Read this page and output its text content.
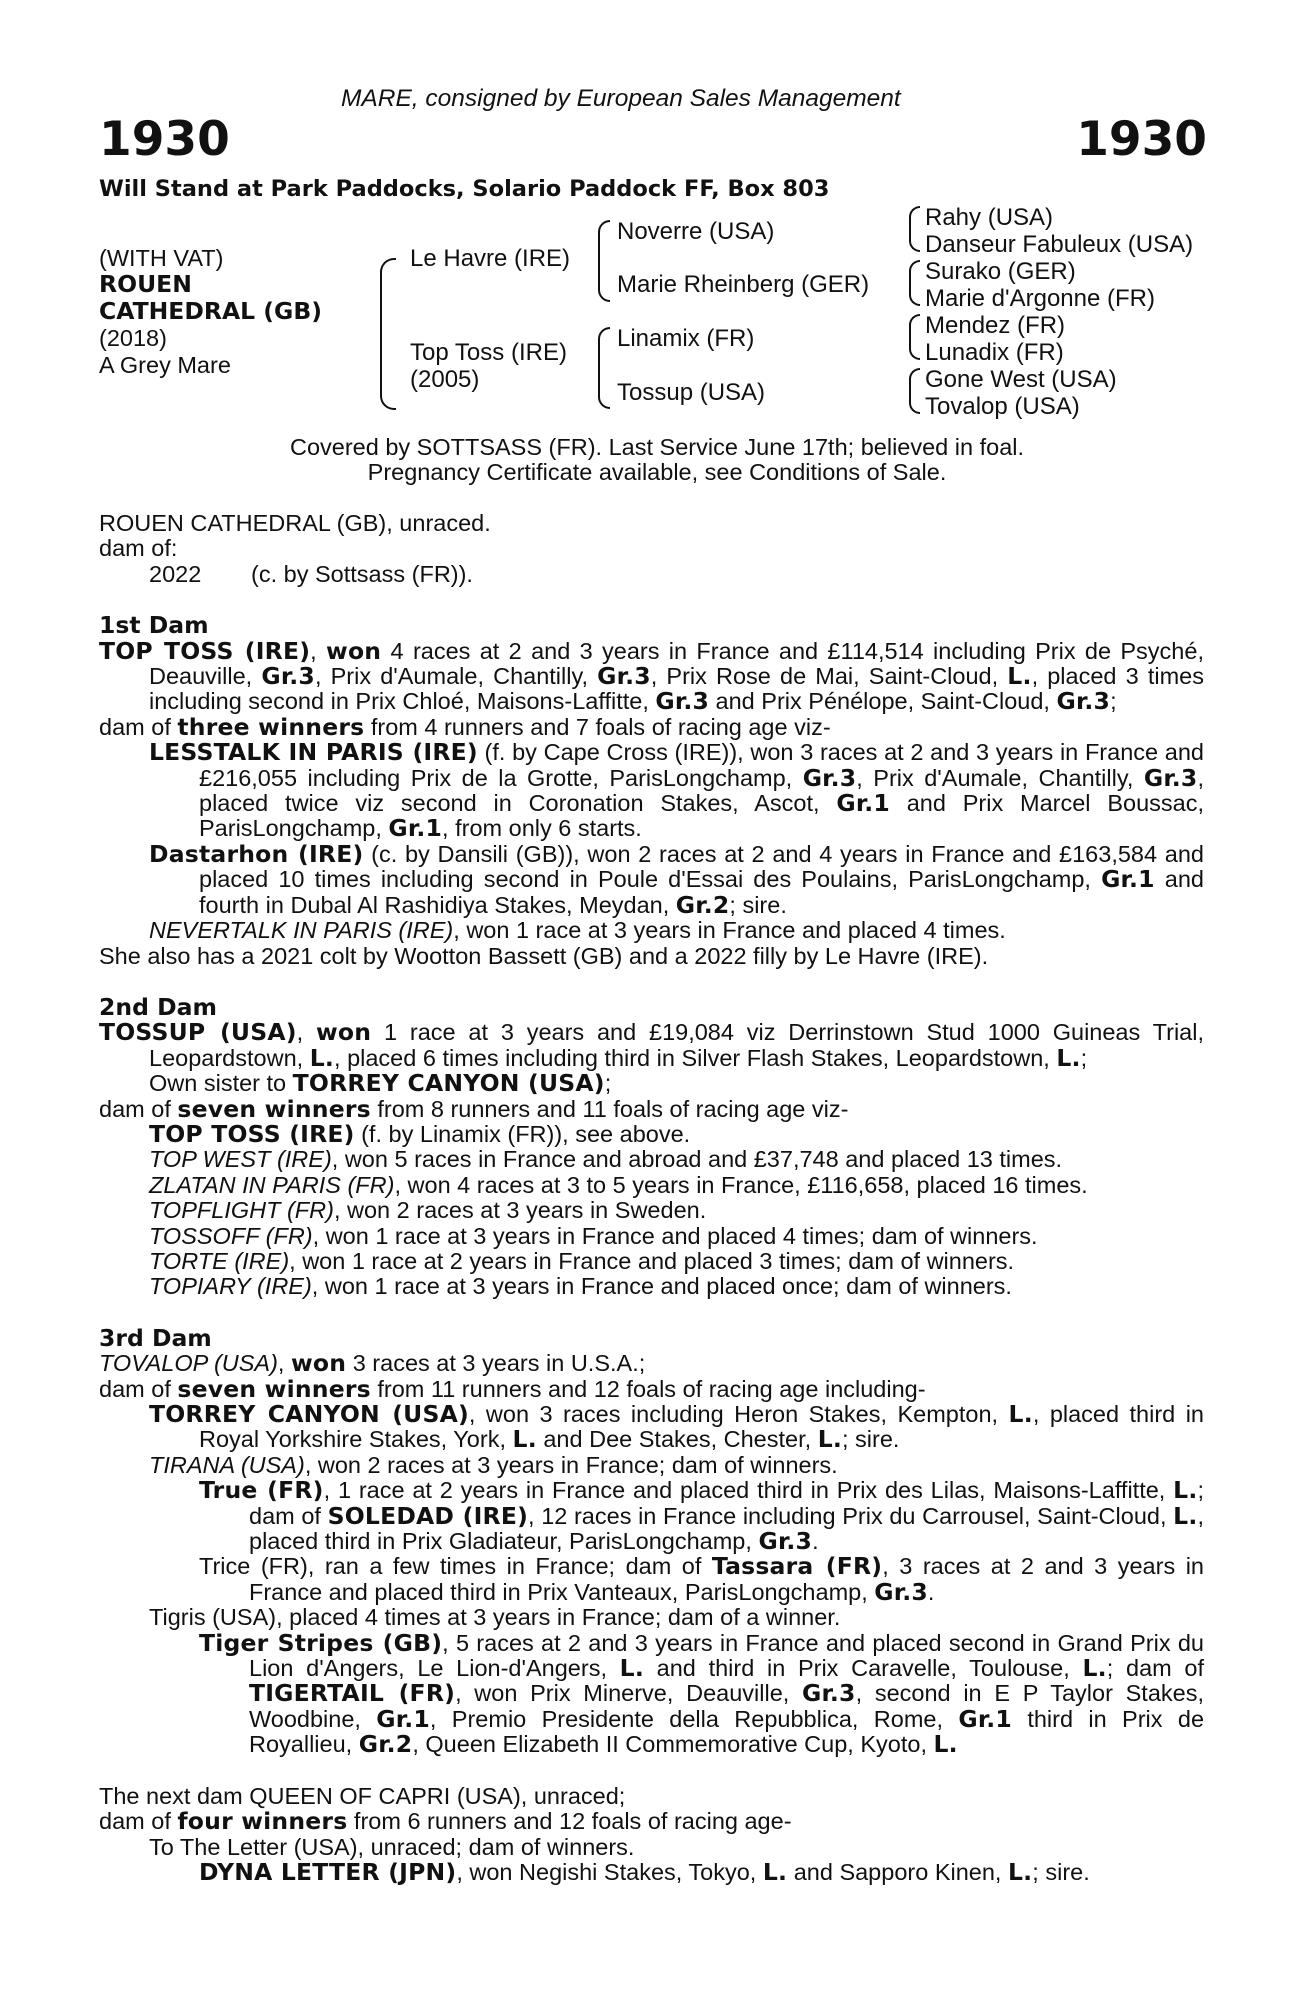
MARE, consigned by European Sales Management
1930	1930
Will Stand at Park Paddocks, Solario Paddock FF, Box 803
(WITH VAT)
ROUEN
CATHEDRAL (GB)
(2018)
A Grey Mare
Le Havre (IRE)
Top Toss (IRE)
(2005)
Noverre (USA)
Marie Rheinberg (GER)
Linamix (FR)
Tossup (USA)
Rahy (USA)
Danseur Fabuleux (USA)
Surako (GER)
Marie d'Argonne (FR)
Mendez (FR)
Lunadix (FR)
Gone West (USA)
Tovalop (USA)
Covered by SOTTSASS (FR). Last Service June 17th; believed in foal.
Pregnancy Certificate available, see Conditions of Sale.

ROUEN CATHEDRAL (GB), unraced.

dam of:

2022 (c. by Sottsass (FR)).

1st Dam

TOP TOSS (IRE), won 4 races at 2 and 3 years in France and £114,514 including Prix de Psyché, Deauville, Gr.3, Prix d'Aumale, Chantilly, Gr.3, Prix Rose de Mai, Saint-Cloud, L., placed 3 times including second in Prix Chloé, Maisons-Laffitte, Gr.3 and Prix Pénélope, Saint-Cloud, Gr.3;

dam of three winners from 4 runners and 7 foals of racing age viz-

LESSTALK IN PARIS (IRE) (f. by Cape Cross (IRE)), won 3 races at 2 and 3 years in France and £216,055 including Prix de la Grotte, ParisLongchamp, Gr.3, Prix d'Aumale, Chantilly, Gr.3, placed twice viz second in Coronation Stakes, Ascot, Gr.1 and Prix Marcel Boussac, ParisLongchamp, Gr.1, from only 6 starts.

Dastarhon (IRE) (c. by Dansili (GB)), won 2 races at 2 and 4 years in France and £163,584 and placed 10 times including second in Poule d'Essai des Poulains, ParisLongchamp, Gr.1 and fourth in Dubal Al Rashidiya Stakes, Meydan, Gr.2; sire.

NEVERTALK IN PARIS (IRE), won 1 race at 3 years in France and placed 4 times.

She also has a 2021 colt by Wootton Bassett (GB) and a 2022 filly by Le Havre (IRE).

2nd Dam

TOSSUP (USA), won 1 race at 3 years and £19,084 viz Derrinstown Stud 1000 Guineas Trial, Leopardstown, L., placed 6 times including third in Silver Flash Stakes, Leopardstown, L.;

Own sister to TORREY CANYON (USA);

dam of seven winners from 8 runners and 11 foals of racing age viz-

TOP TOSS (IRE) (f. by Linamix (FR)), see above.

TOP WEST (IRE), won 5 races in France and abroad and £37,748 and placed 13 times.

ZLATAN IN PARIS (FR), won 4 races at 3 to 5 years in France, £116,658, placed 16 times.

TOPFLIGHT (FR), won 2 races at 3 years in Sweden.

TOSSOFF (FR), won 1 race at 3 years in France and placed 4 times; dam of winners.

TORTE (IRE), won 1 race at 2 years in France and placed 3 times; dam of winners.

TOPIARY (IRE), won 1 race at 3 years in France and placed once; dam of winners.

3rd Dam

TOVALOP (USA), won 3 races at 3 years in U.S.A.;

dam of seven winners from 11 runners and 12 foals of racing age including-

TORREY CANYON (USA), won 3 races including Heron Stakes, Kempton, L., placed third in Royal Yorkshire Stakes, York, L. and Dee Stakes, Chester, L.; sire.

TIRANA (USA), won 2 races at 3 years in France; dam of winners.

True (FR), 1 race at 2 years in France and placed third in Prix des Lilas, Maisons-Laffitte, L.; dam of SOLEDAD (IRE), 12 races in France including Prix du Carrousel, Saint-Cloud, L., placed third in Prix Gladiateur, ParisLongchamp, Gr.3.

Trice (FR), ran a few times in France; dam of Tassara (FR), 3 races at 2 and 3 years in France and placed third in Prix Vanteaux, ParisLongchamp, Gr.3.

Tigris (USA), placed 4 times at 3 years in France; dam of a winner.

Tiger Stripes (GB), 5 races at 2 and 3 years in France and placed second in Grand Prix du Lion d'Angers, Le Lion-d'Angers, L. and third in Prix Caravelle, Toulouse, L.; dam of TIGERTAIL (FR), won Prix Minerve, Deauville, Gr.3, second in E P Taylor Stakes, Woodbine, Gr.1, Premio Presidente della Repubblica, Rome, Gr.1 third in Prix de Royallieu, Gr.2, Queen Elizabeth II Commemorative Cup, Kyoto, L.

The next dam QUEEN OF CAPRI (USA), unraced;

dam of four winners from 6 runners and 12 foals of racing age-

To The Letter (USA), unraced; dam of winners.

DYNA LETTER (JPN), won Negishi Stakes, Tokyo, L. and Sapporo Kinen, L.; sire.
